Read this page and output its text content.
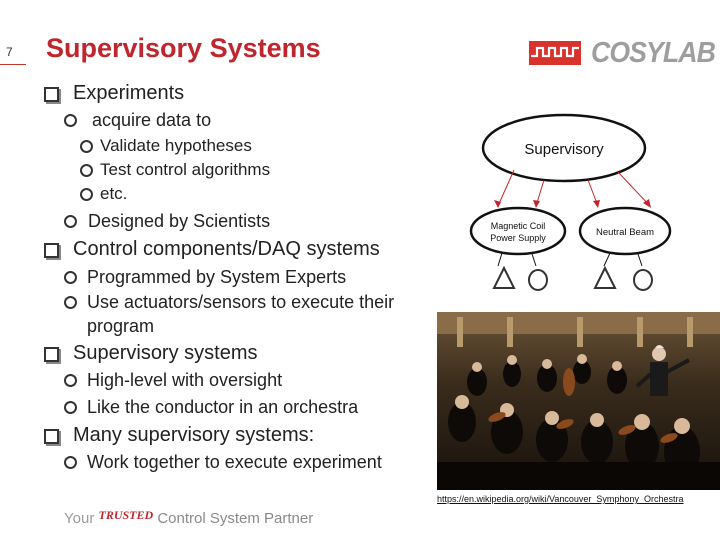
7 Supervisory Systems	COSYLAB
Experiments
acquire data to
Validate hypotheses
Test control algorithms
etc.
Designed by Scientists
Control components/DAQ systems
Programmed by System Experts
Use actuators/sensors to execute their
program
Supervisory systems
High-level with oversight
Like the conductor in an orchestra
Many supervisory systems:
Work together to execute experiment
Supervisory
Magnetic Coil
Power Supply	Neutral Beam
https://en.wikipedia.org/wiki/Vancouver_Symphony_Orchestra
Your $^{TRUSTED}$ Control System Partner
